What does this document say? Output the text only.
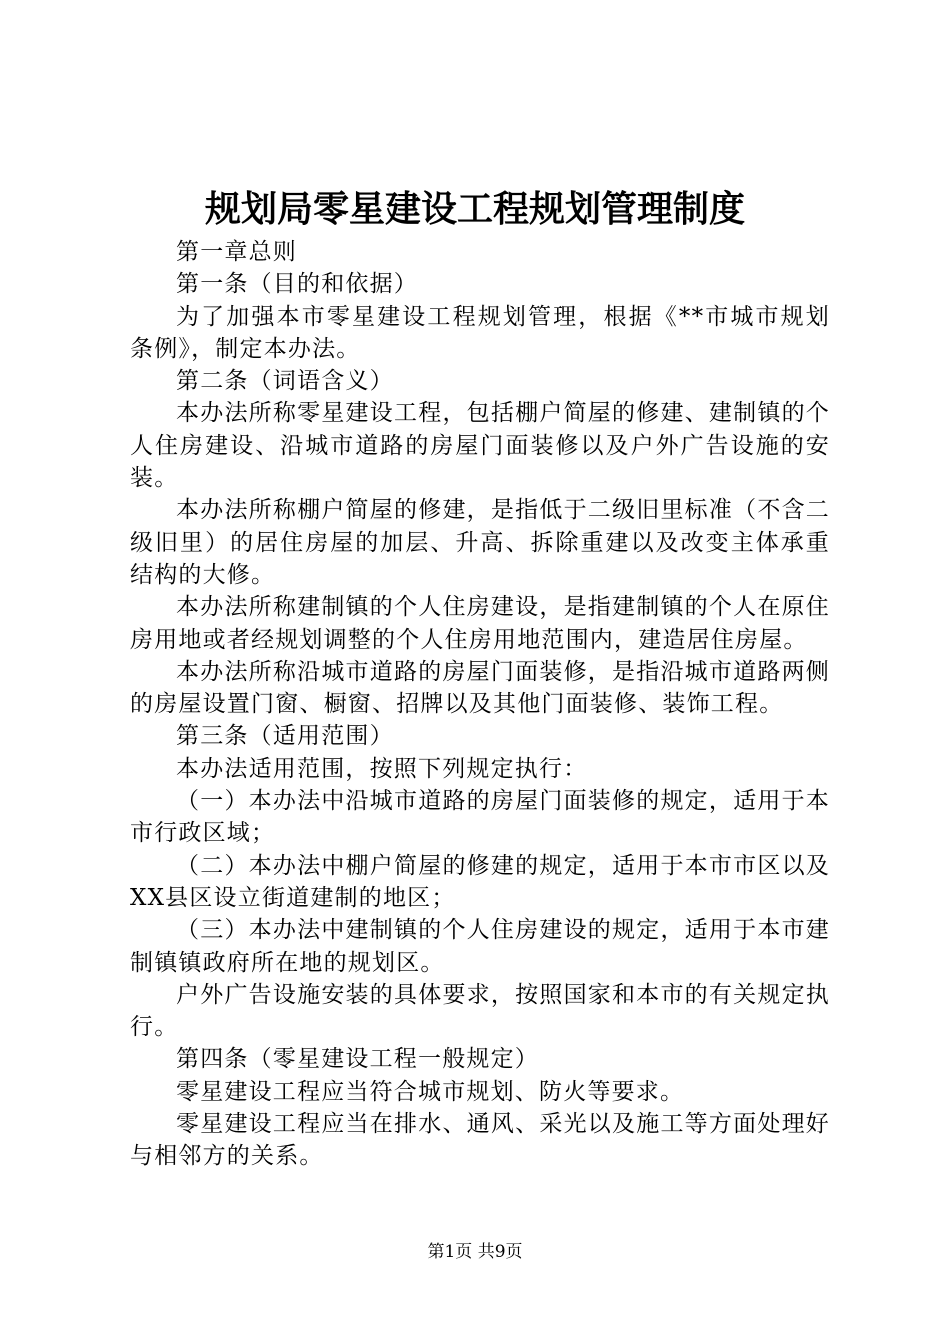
规划局零星建设工程规划管理制度

第一章总则

第一条（目的和依据）

为了加强本市零星建设工程规划管理，根据《**市城市规划条例》，制定本办法。

第二条（词语含义）

本办法所称零星建设工程，包括棚户简屋的修建、建制镇的个人住房建设、沿城市道路的房屋门面装修以及户外广告设施的安装。

本办法所称棚户简屋的修建，是指低于二级旧里标准（不含二级旧里）的居住房屋的加层、升高、拆除重建以及改变主体承重结构的大修。

本办法所称建制镇的个人住房建设，是指建制镇的个人在原住房用地或者经规划调整的个人住房用地范围内，建造居住房屋。

本办法所称沿城市道路的房屋门面装修，是指沿城市道路两侧的房屋设置门窗、橱窗、招牌以及其他门面装修、装饰工程。

第三条（适用范围）

本办法适用范围，按照下列规定执行：

（一）本办法中沿城市道路的房屋门面装修的规定，适用于本市行政区域；

（二）本办法中棚户简屋的修建的规定，适用于本市市区以及XX县区设立街道建制的地区；

（三）本办法中建制镇的个人住房建设的规定，适用于本市建制镇镇政府所在地的规划区。

户外广告设施安装的具体要求，按照国家和本市的有关规定执行。

第四条（零星建设工程一般规定）

零星建设工程应当符合城市规划、防火等要求。

零星建设工程应当在排水、通风、采光以及施工等方面处理好与相邻方的关系。

第1页 共9页
